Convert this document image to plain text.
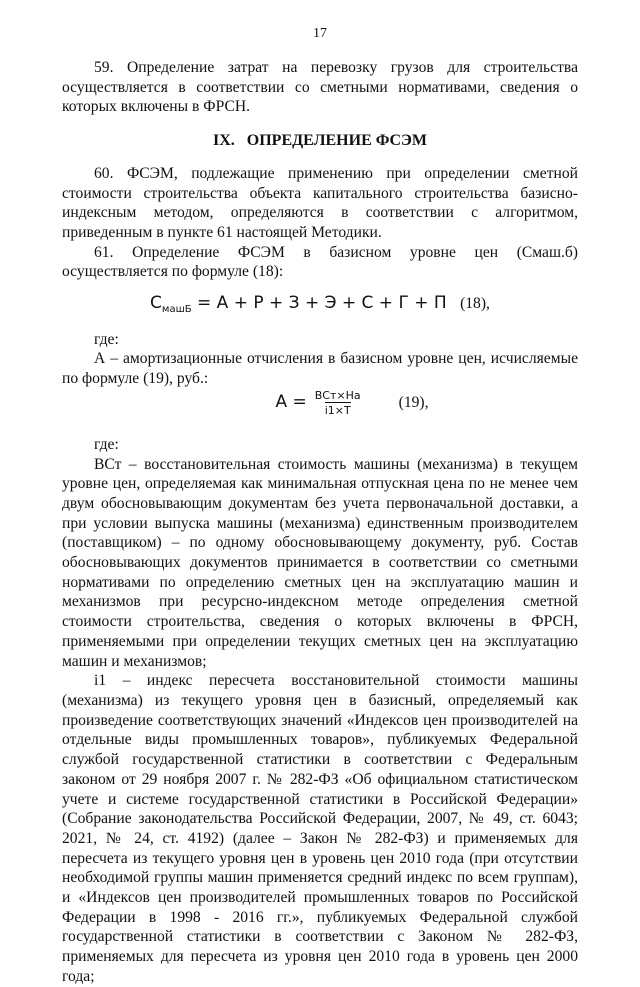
17

59. Определение затрат на перевозку грузов для строительства осуществляется в соответствии со сметными нормативами, сведения о которых включены в ФРСН.

IX.   ОПРЕДЕЛЕНИЕ ФСЭМ

60. ФСЭМ, подлежащие применению при определении сметной стоимости строительства объекта капитального строительства базисно-индексным методом, определяются в соответствии с алгоритмом, приведенным в пункте 61 настоящей Методики.

61. Определение ФСЭМ в базисном уровне цен (Смаш.б) осуществляется по формуле (18):

$С_{машБ} = А + Р + З + Э + С + Г + П$ (18),

где:

А – амортизационные отчисления в базисном уровне цен, исчисляемые по формуле (19), руб.:

$А = \frac{\text{ВСт×На}}{i1\times Т} (19)$,

где:

ВСт – восстановительная стоимость машины (механизма) в текущем уровне цен, определяемая как минимальная отпускная цена по не менее чем двум обосновывающим документам без учета первоначальной доставки, а при условии выпуска машины (механизма) единственным производителем (поставщиком) – по одному обосновывающему документу, руб. Состав обосновывающих документов принимается в соответствии со сметными нормативами по определению сметных цен на эксплуатацию машин и механизмов при ресурсно-индексном методе определения сметной стоимости строительства, сведения о которых включены в ФРСН, применяемыми при определении текущих сметных цен на эксплуатацию машин и механизмов;

i1 – индекс пересчета восстановительной стоимости машины (механизма) из текущего уровня цен в базисный, определяемый как произведение соответствующих значений «Индексов цен производителей на отдельные виды промышленных товаров», публикуемых Федеральной службой государственной статистики в соответствии с Федеральным законом от 29 ноября 2007 г. № 282-ФЗ «Об официальном статистическом учете и системе государственной статистики в Российской Федерации» (Собрание законодательства Российской Федерации, 2007, № 49, ст. 6043; 2021, № 24, ст. 4192) (далее – Закон № 282-ФЗ) и применяемых для пересчета из текущего уровня цен в уровень цен 2010 года (при отсутствии необходимой группы машин применяется средний индекс по всем группам), и «Индексов цен производителей промышленных товаров по Российской Федерации в 1998 - 2016 гг.», публикуемых Федеральной службой государственной статистики в соответствии с Законом № 282-ФЗ, применяемых для пересчета из уровня цен 2010 года в уровень цен 2000 года;
